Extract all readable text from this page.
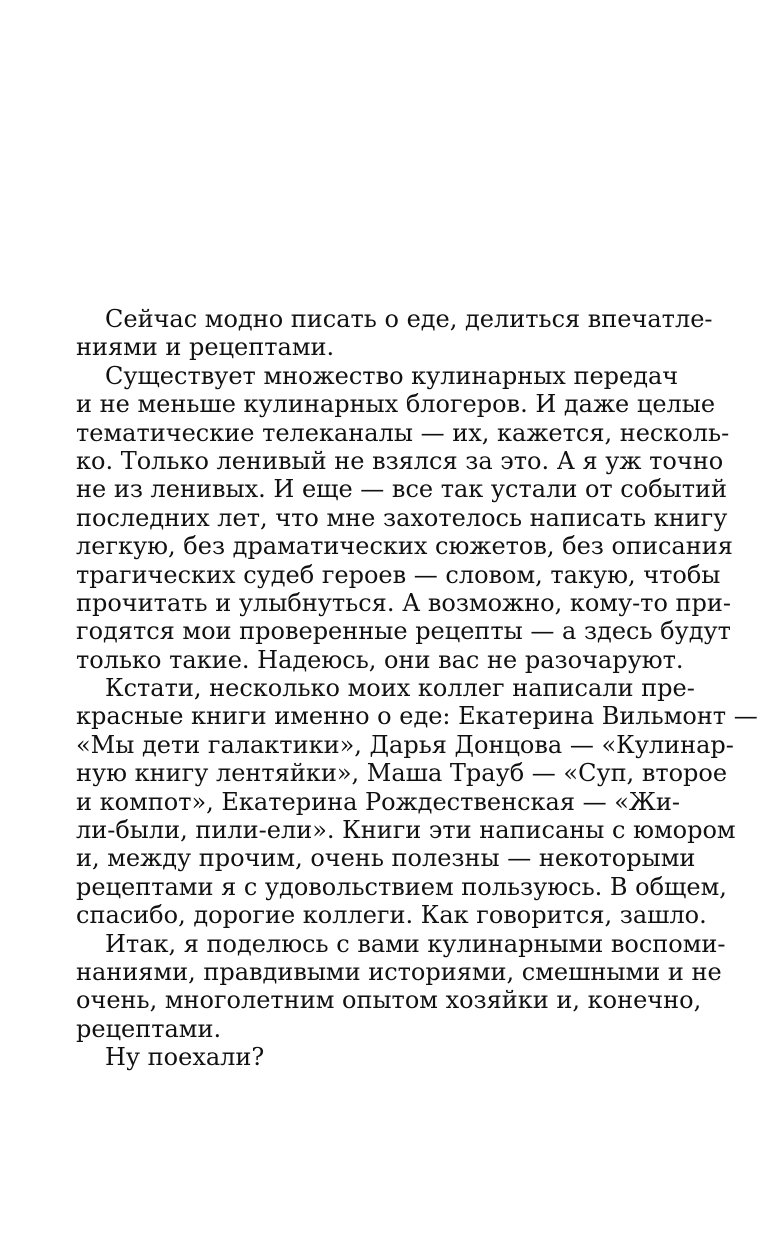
Сейчас модно писать о еде, делиться впечатле-
ниями и рецептами.
Существует множество кулинарных передач
и не меньше кулинарных блогеров. И даже целые
тематические телеканалы — их, кажется, несколь-
ко. Только ленивый не взялся за это. А я уж точно
не из ленивых. И еще — все так устали от событий
последних лет, что мне захотелось написать книгу
легкую, без драматических сюжетов, без описания
трагических судеб героев — словом, такую, чтобы
прочитать и улыбнуться. А возможно, кому-то при-
годятся мои проверенные рецепты — а здесь будут
только такие. Надеюсь, они вас не разочаруют.
Кстати, несколько моих коллег написали пре-
красные книги именно о еде: Екатерина Вильмонт —
«Мы дети галактики», Дарья Донцова — «Кулинар-
ную книгу лентяйки», Маша Трауб — «Суп, второе
и компот», Екатерина Рождественская — «Жи-
ли-были, пили-ели». Книги эти написаны с юмором
и, между прочим, очень полезны — некоторыми
рецептами я с удовольствием пользуюсь. В общем,
спасибо, дорогие коллеги. Как говорится, зашло.
Итак, я поделюсь с вами кулинарными воспоми-
наниями, правдивыми историями, смешными и не
очень, многолетним опытом хозяйки и, конечно,
рецептами.
Ну поехали?
